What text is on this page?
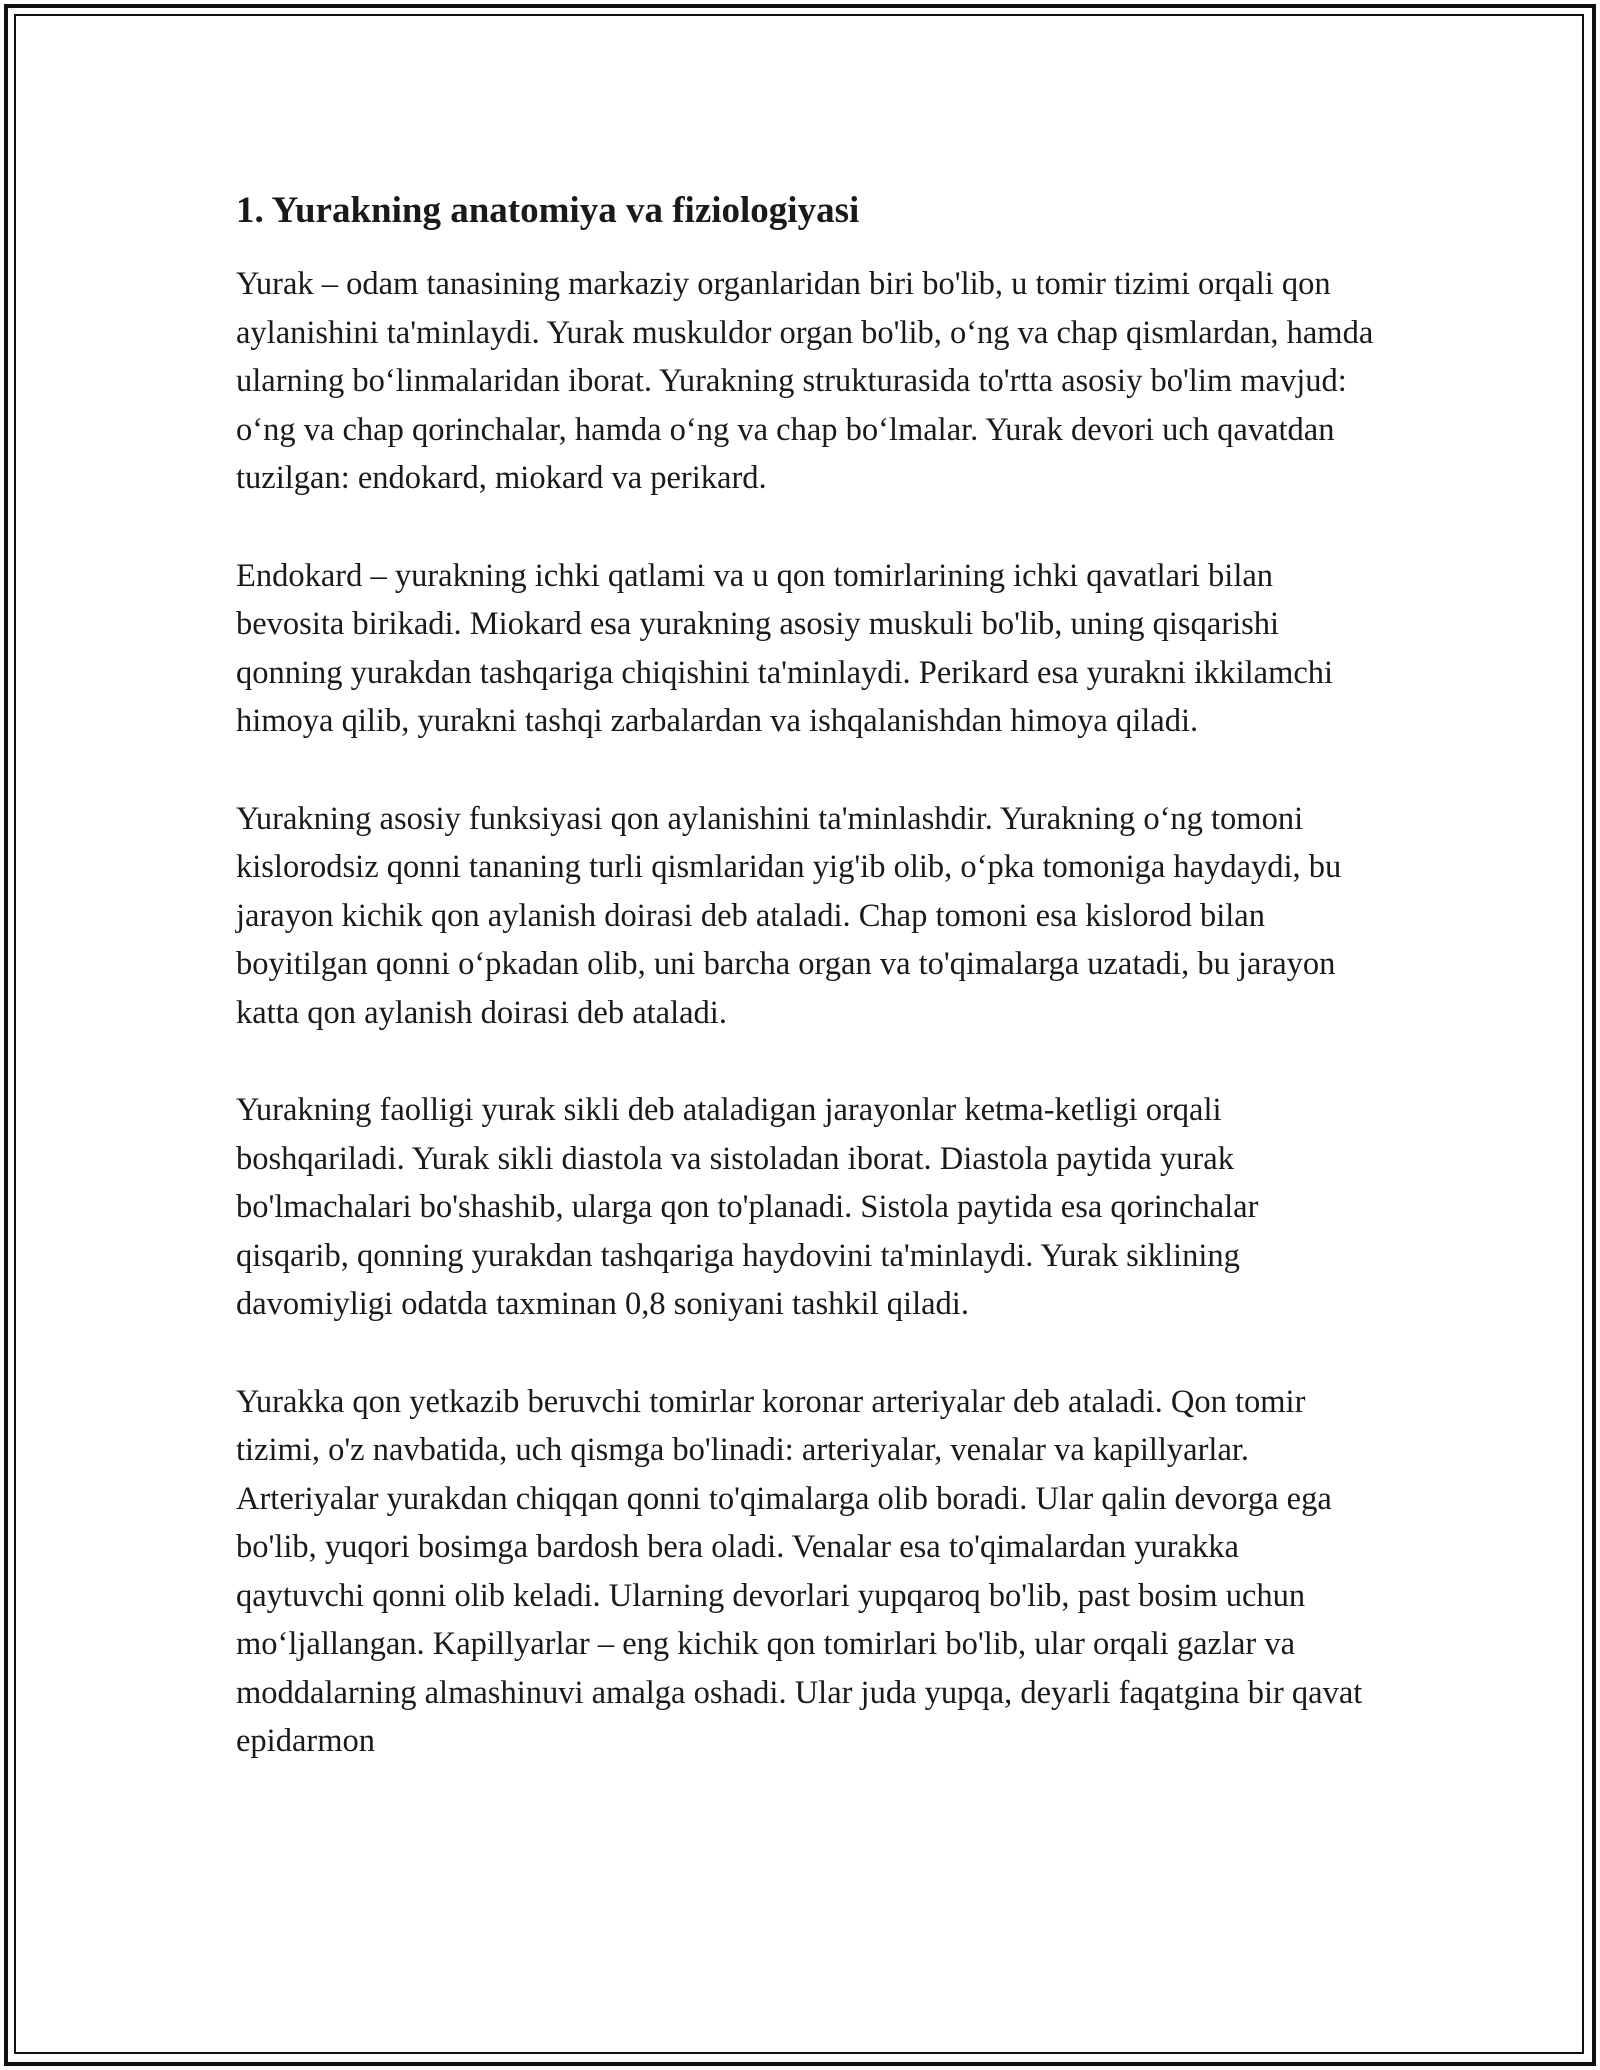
1. Yurakning anatomiya va fiziologiyasi

Yurak – odam tanasining markaziy organlaridan biri bo'lib, u tomir tizimi orqali qon aylanishini ta'minlaydi. Yurak muskuldor organ bo'lib, o‘ng va chap qismlardan, hamda ularning bo‘linmalaridan iborat. Yurakning strukturasida to'rtta asosiy bo'lim mavjud: o‘ng va chap qorinchalar, hamda o‘ng va chap bo‘lmalar. Yurak devori uch qavatdan tuzilgan: endokard, miokard va perikard.

Endokard – yurakning ichki qatlami va u qon tomirlarining ichki qavatlari bilan bevosita birikadi. Miokard esa yurakning asosiy muskuli bo'lib, uning qisqarishi qonning yurakdan tashqariga chiqishini ta'minlaydi. Perikard esa yurakni ikkilamchi himoya qilib, yurakni tashqi zarbalardan va ishqalanishdan himoya qiladi.

Yurakning asosiy funksiyasi qon aylanishini ta'minlashdir. Yurakning o‘ng tomoni kislorodsiz qonni tananing turli qismlaridan yig'ib olib, o‘pka tomoniga haydaydi, bu jarayon kichik qon aylanish doirasi deb ataladi. Chap tomoni esa kislorod bilan boyitilgan qonni o‘pkadan olib, uni barcha organ va to'qimalarga uzatadi, bu jarayon katta qon aylanish doirasi deb ataladi.

Yurakning faolligi yurak sikli deb ataladigan jarayonlar ketma-ketligi orqali boshqariladi. Yurak sikli diastola va sistoladan iborat. Diastola paytida yurak bo'lmachalari bo'shashib, ularga qon to'planadi. Sistola paytida esa qorinchalar qisqarib, qonning yurakdan tashqariga haydovini ta'minlaydi. Yurak siklining davomiyligi odatda taxminan 0,8 soniyani tashkil qiladi.

Yurakka qon yetkazib beruvchi tomirlar koronar arteriyalar deb ataladi. Qon tomir tizimi, o'z navbatida, uch qismga bo'linadi: arteriyalar, venalar va kapillyarlar. Arteriyalar yurakdan chiqqan qonni to'qimalarga olib boradi. Ular qalin devorga ega bo'lib, yuqori bosimga bardosh bera oladi. Venalar esa to'qimalardan yurakka qaytuvchi qonni olib keladi. Ularning devorlari yupqaroq bo'lib, past bosim uchun mo‘ljallangan. Kapillyarlar – eng kichik qon tomirlari bo'lib, ular orqali gazlar va moddalarning almashinuvi amalga oshadi. Ular juda yupqa, deyarli faqatgina bir qavat epidarmon
